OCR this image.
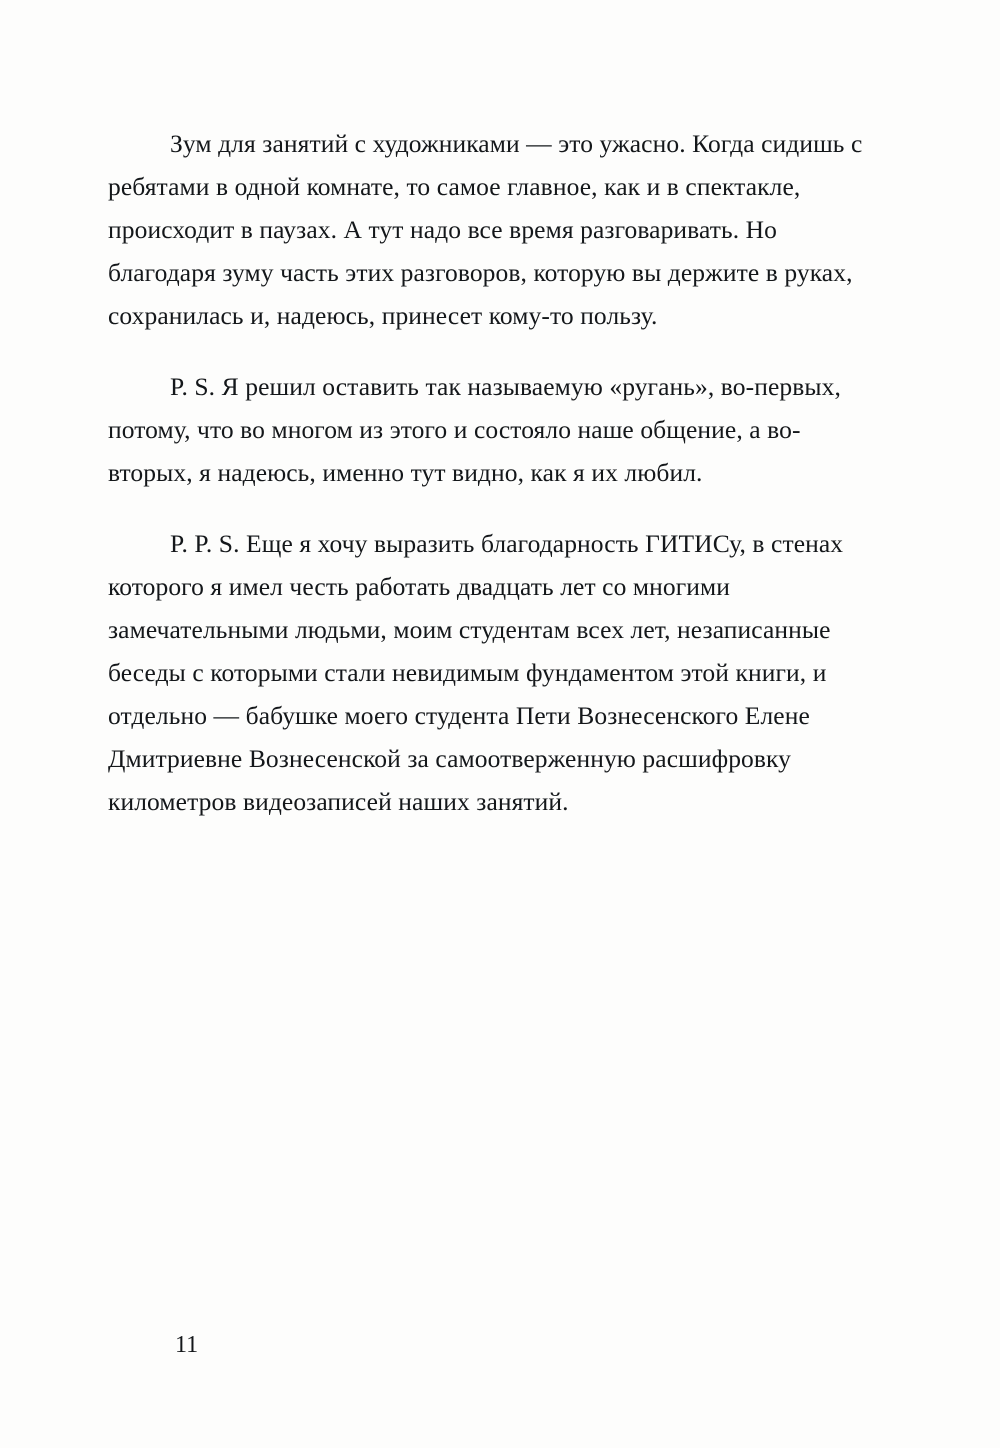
Зум для занятий с художниками — это ужасно. Когда сидишь с ребятами в одной комнате, то самое главное, как и в спектакле, происходит в паузах. А тут надо все время разговаривать. Но благодаря зуму часть этих разговоров, которую вы держите в руках, сохранилась и, надеюсь, принесет кому-то пользу.

P. S. Я решил оставить так называемую «ругань», во-первых, потому, что во многом из этого и состояло наше общение, а во-вторых, я надеюсь, именно тут видно, как я их любил.

P. P. S. Еще я хочу выразить благодарность ГИТИСу, в стенах которого я имел честь работать двадцать лет со многими замечательными людьми, моим студентам всех лет, незаписанные беседы с которыми стали невидимым фундаментом этой книги, и отдельно — бабушке моего студента Пети Вознесенского Елене Дмитриевне Вознесенской за самоотверженную расшифровку километров видеозаписей наших занятий.

11
